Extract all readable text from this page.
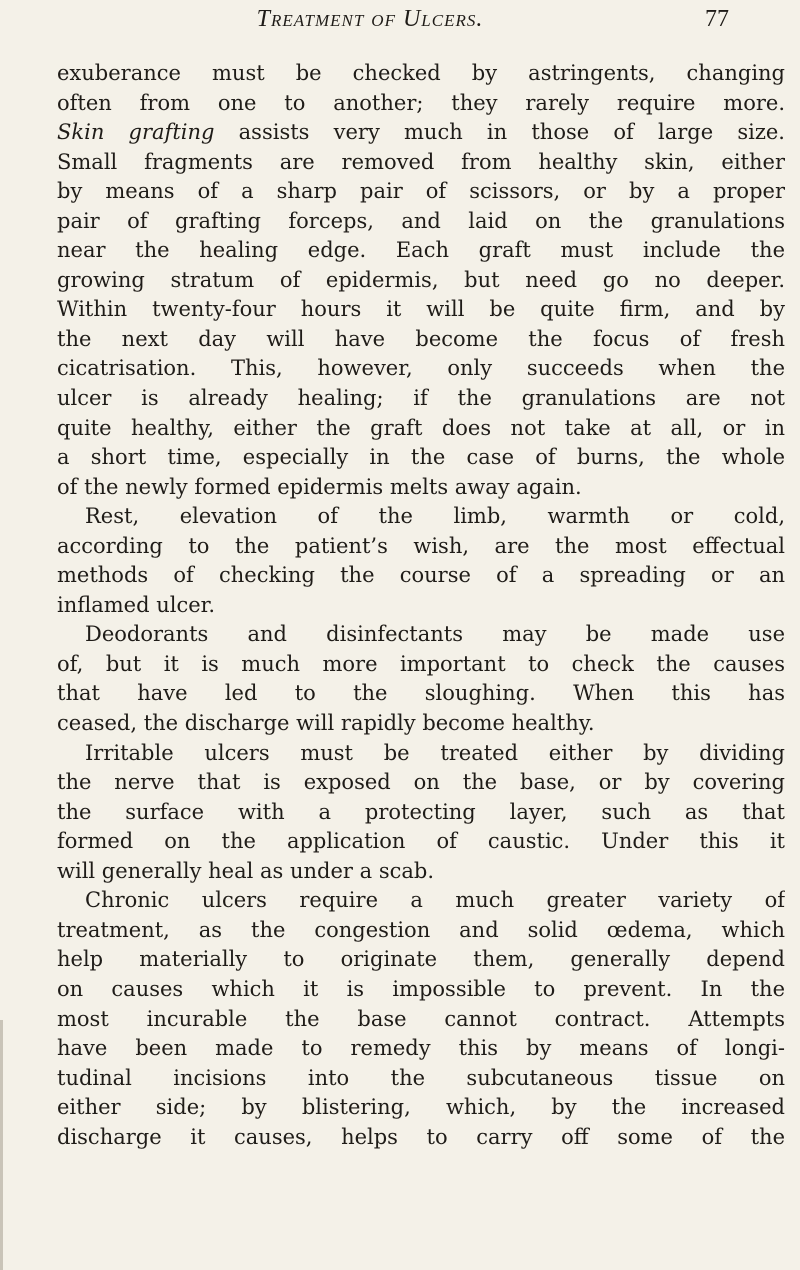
Treatment of Ulcers.	77
exuberance must be checked by astringents, changing
often from one to another; they rarely require more.
Skin grafting assists very much in those of large size.
Small fragments are removed from healthy skin, either
by means of a sharp pair of scissors, or by a proper
pair of grafting forceps, and laid on the granulations
near the healing edge. Each graft must include the
growing stratum of epidermis, but need go no deeper.
Within twenty-four hours it will be quite firm, and by
the next day will have become the focus of fresh
cicatrisation. This, however, only succeeds when the
ulcer is already healing; if the granulations are not
quite healthy, either the graft does not take at all, or in
a short time, especially in the case of burns, the whole
of the newly formed epidermis melts away again.
Rest, elevation of the limb, warmth or cold,
according to the patient’s wish, are the most effectual
methods of checking the course of a spreading or an
inflamed ulcer.
Deodorants and disinfectants may be made use
of, but it is much more important to check the causes
that have led to the sloughing. When this has
ceased, the discharge will rapidly become healthy.
Irritable ulcers must be treated either by dividing
the nerve that is exposed on the base, or by covering
the surface with a protecting layer, such as that
formed on the application of caustic. Under this it
will generally heal as under a scab.
Chronic ulcers require a much greater variety of
treatment, as the congestion and solid œdema, which
help materially to originate them, generally depend
on causes which it is impossible to prevent. In the
most incurable the base cannot contract. Attempts
have been made to remedy this by means of longi-
tudinal incisions into the subcutaneous tissue on
either side; by blistering, which, by the increased
discharge it causes, helps to carry off some of the
